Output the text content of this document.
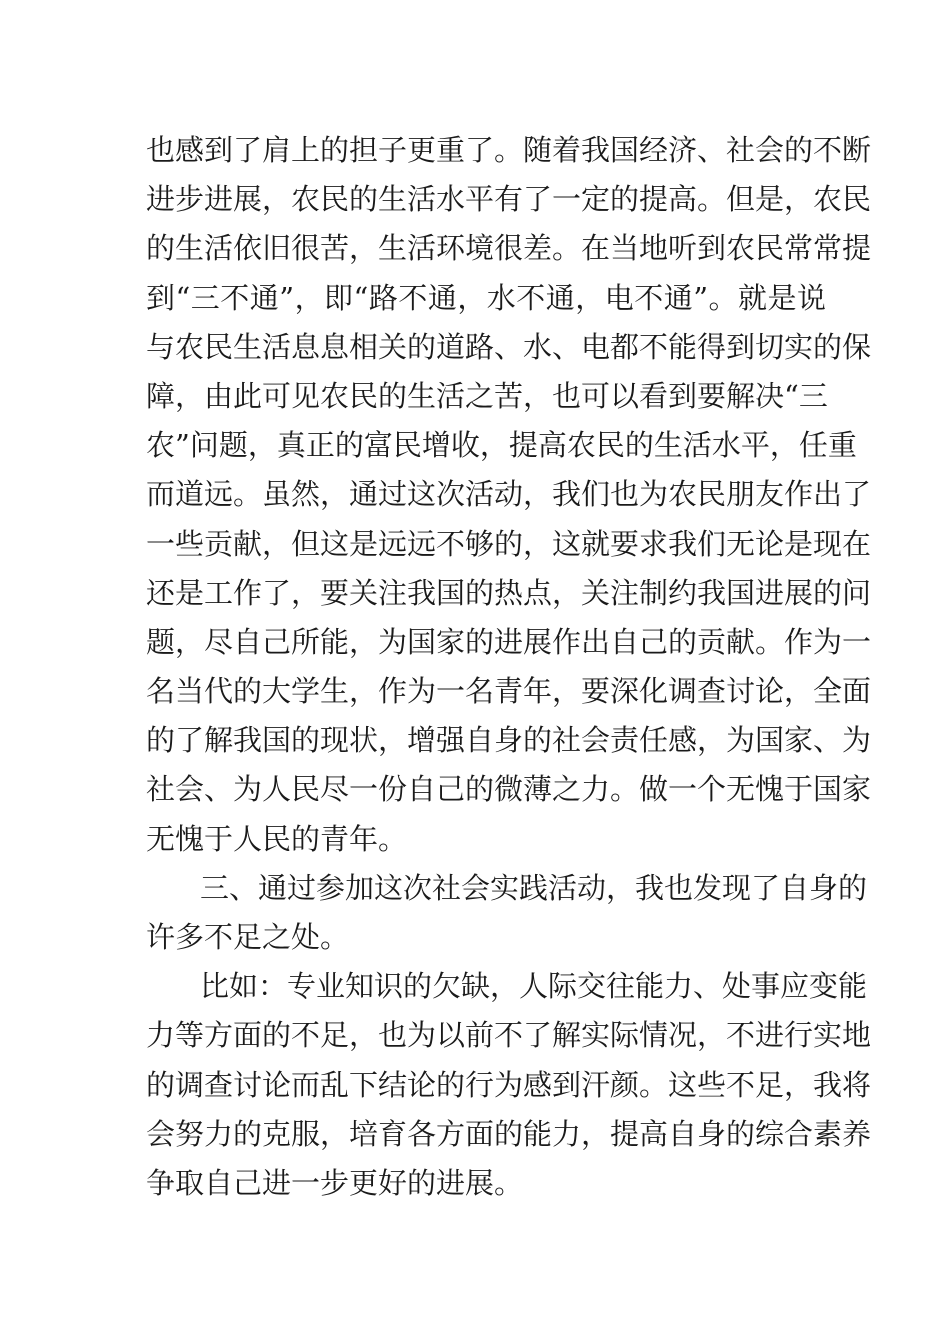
也感到了肩上的担子更重了。随着我国经济、社会的不断
进步进展，农民的生活水平有了一定的提高。但是，农民
的生活依旧很苦，生活环境很差。在当地听到农民常常提
到“三不通”，即“路不通，水不通，电不通”。就是说
与农民生活息息相关的道路、水、电都不能得到切实的保
障，由此可见农民的生活之苦，也可以看到要解决“三
农”问题，真正的富民增收，提高农民的生活水平，任重
而道远。虽然，通过这次活动，我们也为农民朋友作出了
一些贡献，但这是远远不够的，这就要求我们无论是现在
还是工作了，要关注我国的热点，关注制约我国进展的问
题，尽自己所能，为国家的进展作出自己的贡献。作为一
名当代的大学生，作为一名青年，要深化调查讨论，全面
的了解我国的现状，增强自身的社会责任感，为国家、为
社会、为人民尽一份自己的微薄之力。做一个无愧于国家
无愧于人民的青年。
三、通过参加这次社会实践活动，我也发现了自身的
许多不足之处。
比如：专业知识的欠缺，人际交往能力、处事应变能
力等方面的不足，也为以前不了解实际情况，不进行实地
的调查讨论而乱下结论的行为感到汗颜。这些不足，我将
会努力的克服，培育各方面的能力，提高自身的综合素养
争取自己进一步更好的进展。
